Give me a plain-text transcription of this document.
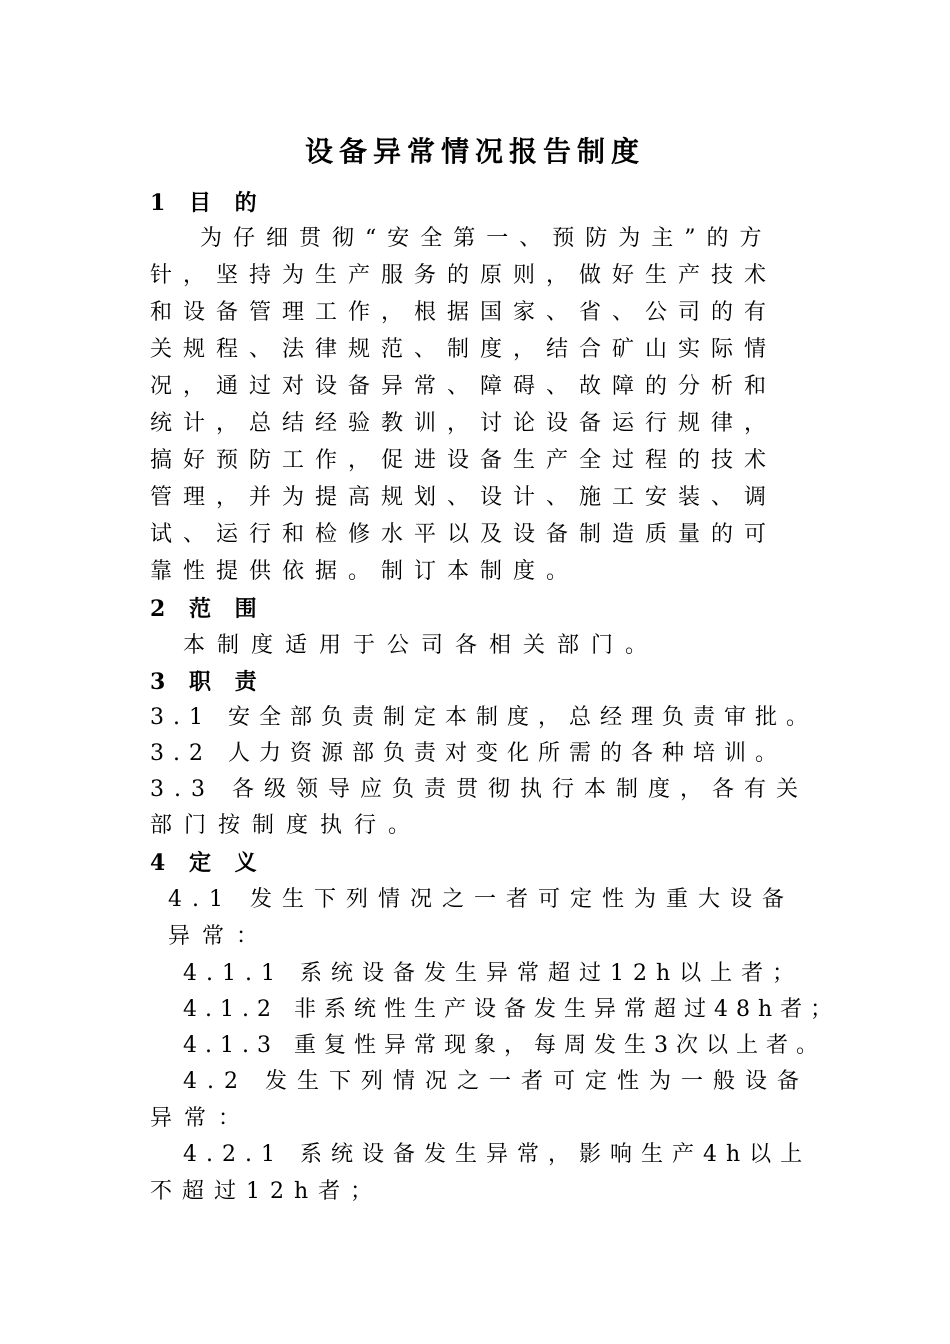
设备异常情况报告制度
1 目 的
为仔细贯彻“安全第一、预防为主”的方
针，坚持为生产服务的原则，做好生产技术
和设备管理工作，根据国家、省、公司的有
关规程、法律规范、制度，结合矿山实际情
况，通过对设备异常、障碍、故障的分析和
统计，总结经验教训，讨论设备运行规律，
搞好预防工作，促进设备生产全过程的技术
管理，并为提高规划、设计、施工安装、调
试、运行和检修水平以及设备制造质量的可
靠性提供依据。制订本制度。
2 范 围
本制度适用于公司各相关部门。
3 职 责
3.1 安全部负责制定本制度，总经理负责审批。
3.2 人力资源部负责对变化所需的各种培训。
3.3 各级领导应负责贯彻执行本制度，各有关
部门按制度执行。
4 定 义
4.1 发生下列情况之一者可定性为重大设备
异常：
4.1.1 系统设备发生异常超过12h以上者；
4.1.2 非系统性生产设备发生异常超过48h者；
4.1.3 重复性异常现象，每周发生3次以上者。
4.2 发生下列情况之一者可定性为一般设备
异常：
4.2.1 系统设备发生异常，影响生产4h以上
不超过12h者；
